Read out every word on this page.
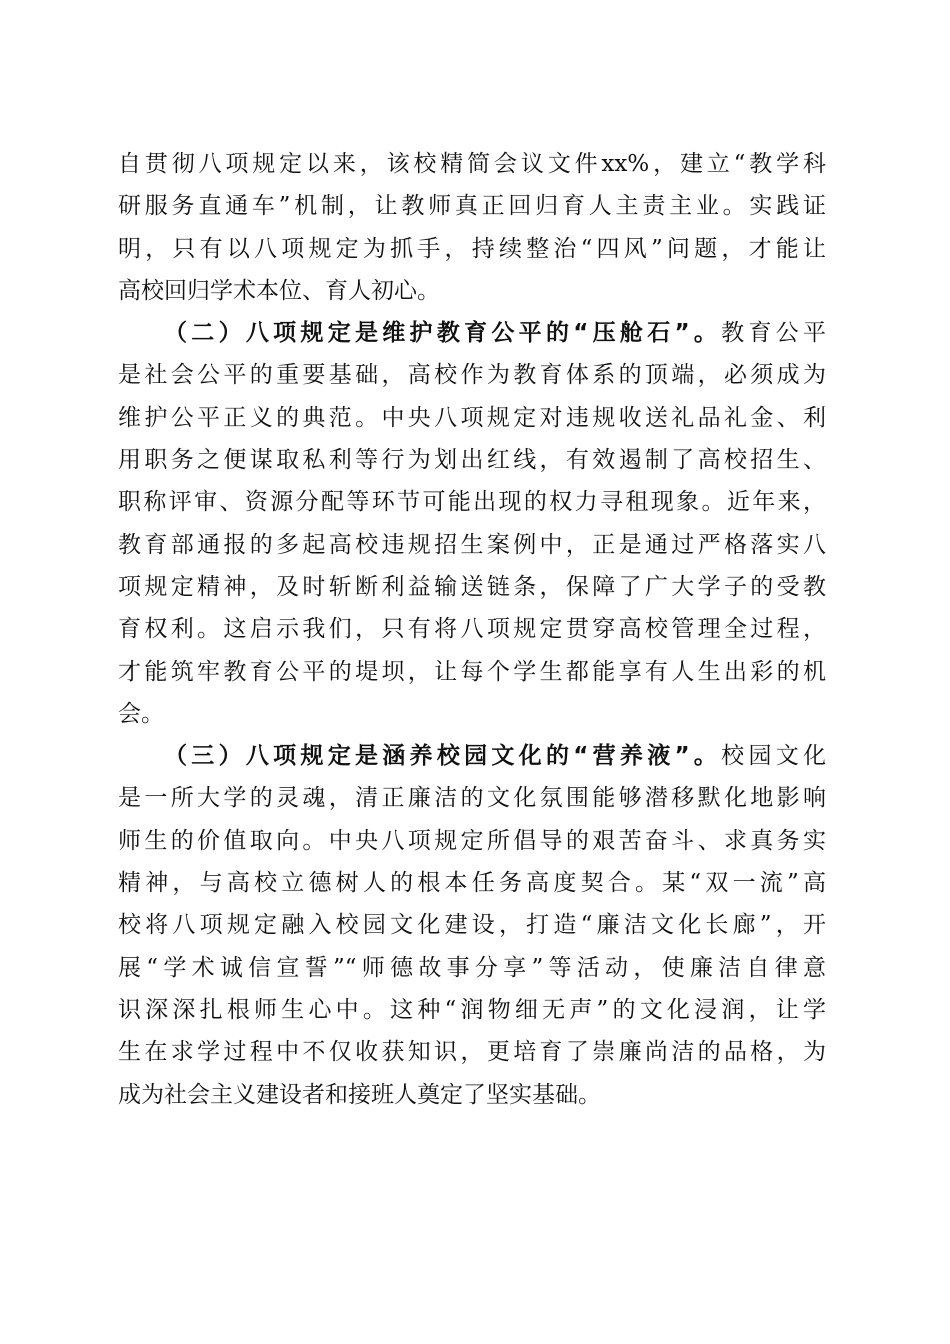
自贯彻八项规定以来，该校精简会议文件xx%，建立“教学科
研服务直通车”机制，让教师真正回归育人主责主业。实践证
明，只有以八项规定为抓手，持续整治“四风”问题，才能让
高校回归学术本位、育人初心。
（二）八项规定是维护教育公平的“压舱石”。教育公平
是社会公平的重要基础，高校作为教育体系的顶端，必须成为
维护公平正义的典范。中央八项规定对违规收送礼品礼金、利
用职务之便谋取私利等行为划出红线，有效遏制了高校招生、
职称评审、资源分配等环节可能出现的权力寻租现象。近年来，
教育部通报的多起高校违规招生案例中，正是通过严格落实八
项规定精神，及时斩断利益输送链条，保障了广大学子的受教
育权利。这启示我们，只有将八项规定贯穿高校管理全过程，
才能筑牢教育公平的堤坝，让每个学生都能享有人生出彩的机
会。
（三）八项规定是涵养校园文化的“营养液”。校园文化
是一所大学的灵魂，清正廉洁的文化氛围能够潜移默化地影响
师生的价值取向。中央八项规定所倡导的艰苦奋斗、求真务实
精神，与高校立德树人的根本任务高度契合。某“双一流”高
校将八项规定融入校园文化建设，打造“廉洁文化长廊”，开
展“学术诚信宣誓”“师德故事分享”等活动，使廉洁自律意
识深深扎根师生心中。这种“润物细无声”的文化浸润，让学
生在求学过程中不仅收获知识，更培育了崇廉尚洁的品格，为
成为社会主义建设者和接班人奠定了坚实基础。
